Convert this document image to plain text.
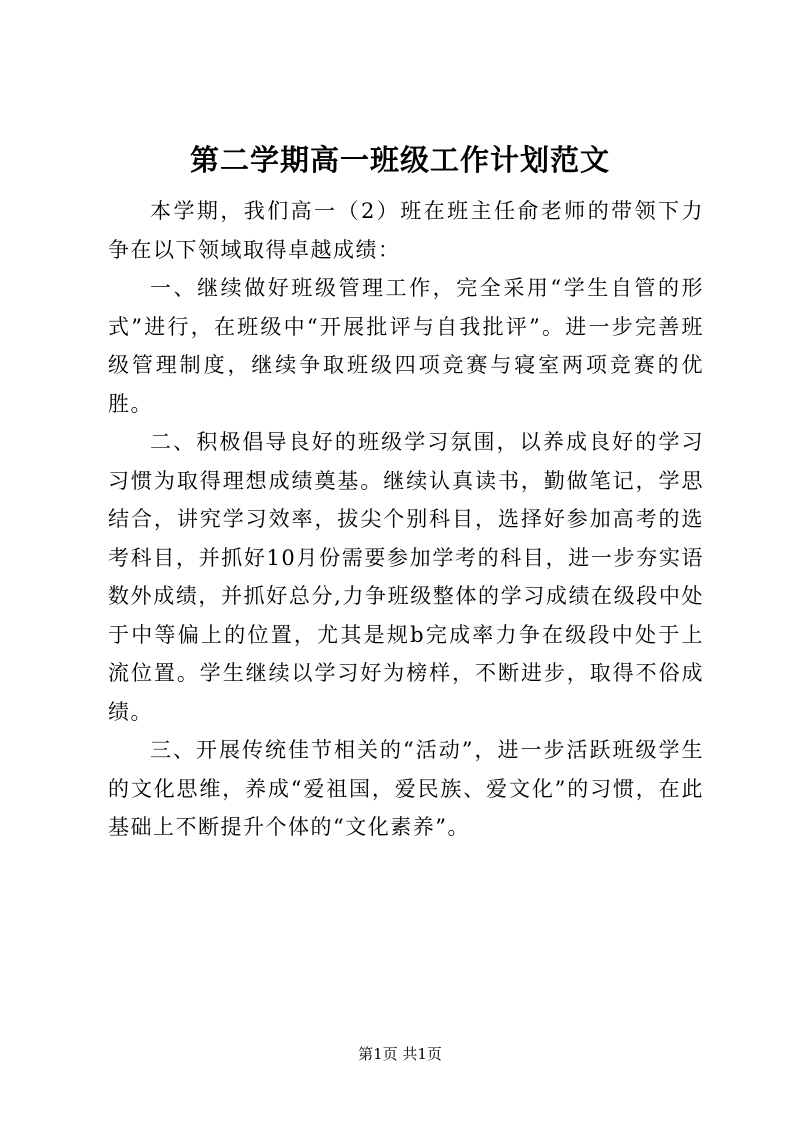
第二学期高一班级工作计划范文

本学期，我们高一（2）班在班主任俞老师的带领下力争在以下领域取得卓越成绩：

一、继续做好班级管理工作，完全采用“学生自管的形式”进行，在班级中“开展批评与自我批评”。进一步完善班级管理制度，继续争取班级四项竞赛与寝室两项竞赛的优胜。

二、积极倡导良好的班级学习氛围，以养成良好的学习习惯为取得理想成绩奠基。继续认真读书，勤做笔记，学思结合，讲究学习效率，拔尖个别科目，选择好参加高考的选考科目，并抓好10月份需要参加学考的科目，进一步夯实语数外成绩，并抓好总分,力争班级整体的学习成绩在级段中处于中等偏上的位置，尤其是规b完成率力争在级段中处于上流位置。学生继续以学习好为榜样，不断进步，取得不俗成绩。

三、开展传统佳节相关的“活动”，进一步活跃班级学生的文化思维，养成“爱祖国，爱民族、爱文化”的习惯，在此基础上不断提升个体的“文化素养”。

第1页 共1页
